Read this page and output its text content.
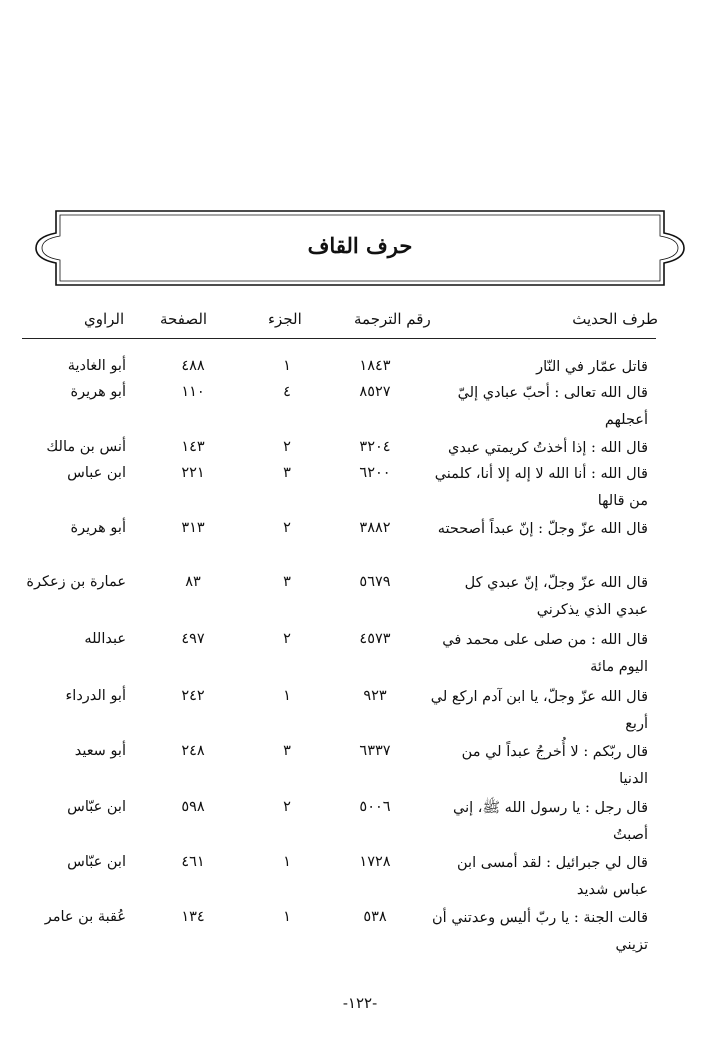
حرف القاف
طرف الحديث
رقم الترجمة
الجزء
الصفحة
الراوي
قاتل عمّار في النّار
١٨٤٣
١
٤٨٨
أبو الغادية
قال الله تعالى : أحبّ عبادي إليّ أعجلهم
٨٥٢٧
٤
١١٠
أبو هريرة
قال الله : إذا أخذتُ كريمتي عبدي
٣٢٠٤
٢
١٤٣
أنس بن مالك
قال الله : أنا الله لا إله إلا أنا، كلمني من قالها
٦٢٠٠
٣
٢٢١
ابن عباس
قال الله عزّ وجلّ : إنّ عبداً أصححته
٣٨٨٢
٢
٣١٣
أبو هريرة
قال الله عزّ وجلّ، إنّ عبدي كل عبدي الذي يذكرني
٥٦٧٩
٣
٨٣
عمارة بن زعكرة
قال الله : من صلى على محمد في اليوم مائة
٤٥٧٣
٢
٤٩٧
عبدالله
قال الله عزّ وجلّ، يا ابن آدم اركع لي أربع
٩٢٣
١
٢٤٢
أبو الدرداء
قال ربّكم : لا أُخرجُ عبداً لي من الدنيا
٦٣٣٧
٣
٢٤٨
أبو سعيد
قال رجل : يا رسول الله ﷺ، إني أصبتُ
٥٠٠٦
٢
٥٩٨
ابن عبّاس
قال لي جبرائيل : لقد أمسى ابن عباس شديد
١٧٢٨
١
٤٦١
ابن عبّاس
قالت الجنة : يا ربّ أليس وعدتني أن تزيني
٥٣٨
١
١٣٤
عُقبة بن عامر
-١٢٢-
